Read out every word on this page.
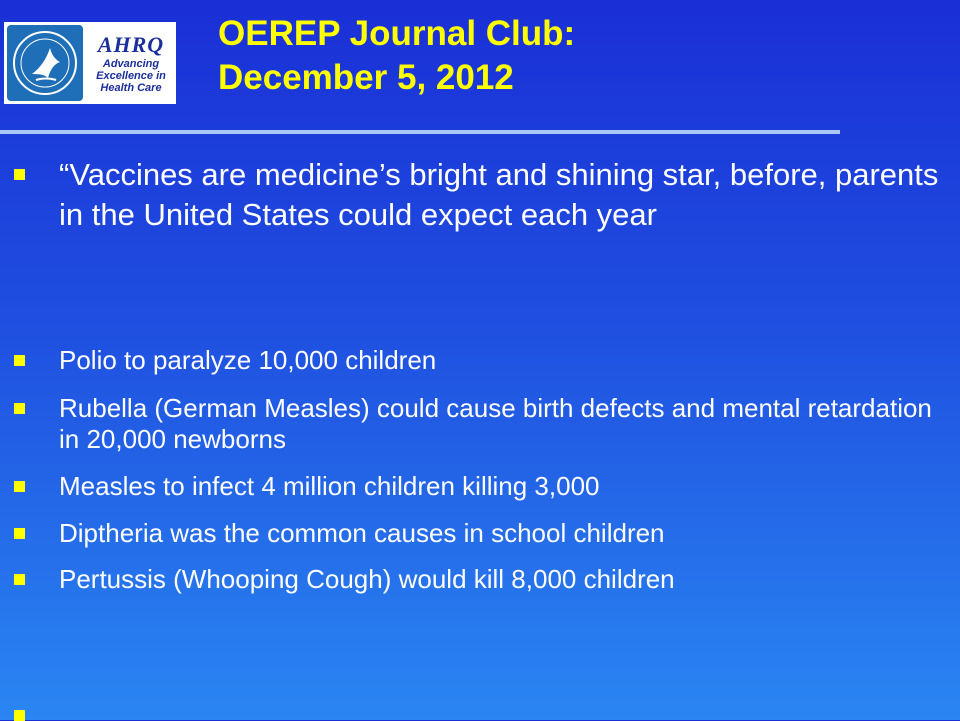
AHRQ
Advancing
Excellence in
Health Care
OEREP Journal Club:
December 5, 2012
“Vaccines are medicine’s bright and shining star, before, parents in the United States could expect each year
Polio to paralyze 10,000 children
Rubella (German Measles) could cause birth defects and mental retardation in 20,000 newborns
Measles to infect 4 million children killing 3,000
Diptheria was the common causes in school children
Pertussis (Whooping Cough) would kill 8,000 children
